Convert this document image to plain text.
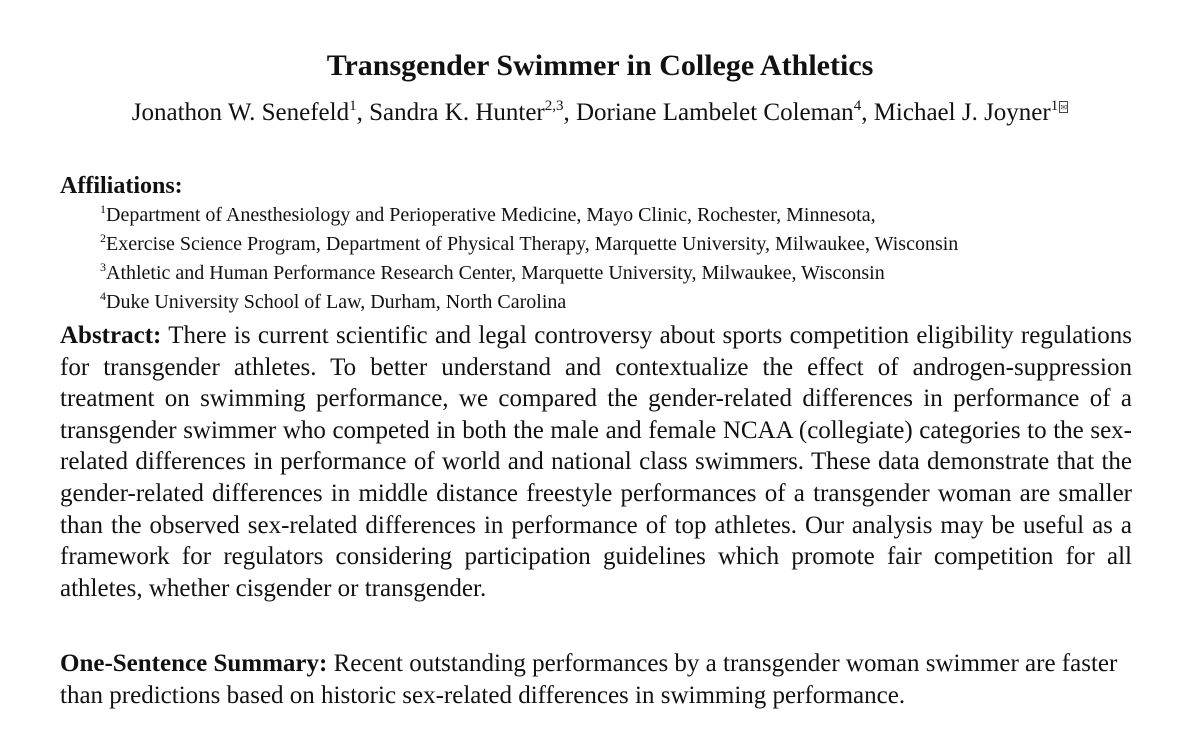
Transgender Swimmer in College Athletics
Jonathon W. Senefeld$^1$, Sandra K. Hunter$^{2,3}$, Doriane Lambelet Coleman$^4$, Michael J. Joyner$^1$ ✉
Affiliations:
$^1$Department of Anesthesiology and Perioperative Medicine, Mayo Clinic, Rochester, Minnesota,
$^2$Exercise Science Program, Department of Physical Therapy, Marquette University, Milwaukee, Wisconsin
$^3$Athletic and Human Performance Research Center, Marquette University, Milwaukee, Wisconsin
$^4$Duke University School of Law, Durham, North Carolina
Abstract: There is current scientific and legal controversy about sports competition eligibility regulations for transgender athletes. To better understand and contextualize the effect of androgen-suppression treatment on swimming performance, we compared the gender-related differences in performance of a transgender swimmer who competed in both the male and female NCAA (collegiate) categories to the sex-related differences in performance of world and national class swimmers. These data demonstrate that the gender-related differences in middle distance freestyle performances of a transgender woman are smaller than the observed sex-related differences in performance of top athletes. Our analysis may be useful as a framework for regulators considering participation guidelines which promote fair competition for all athletes, whether cisgender or transgender.
One-Sentence Summary: Recent outstanding performances by a transgender woman swimmer are faster than predictions based on historic sex-related differences in swimming performance.
